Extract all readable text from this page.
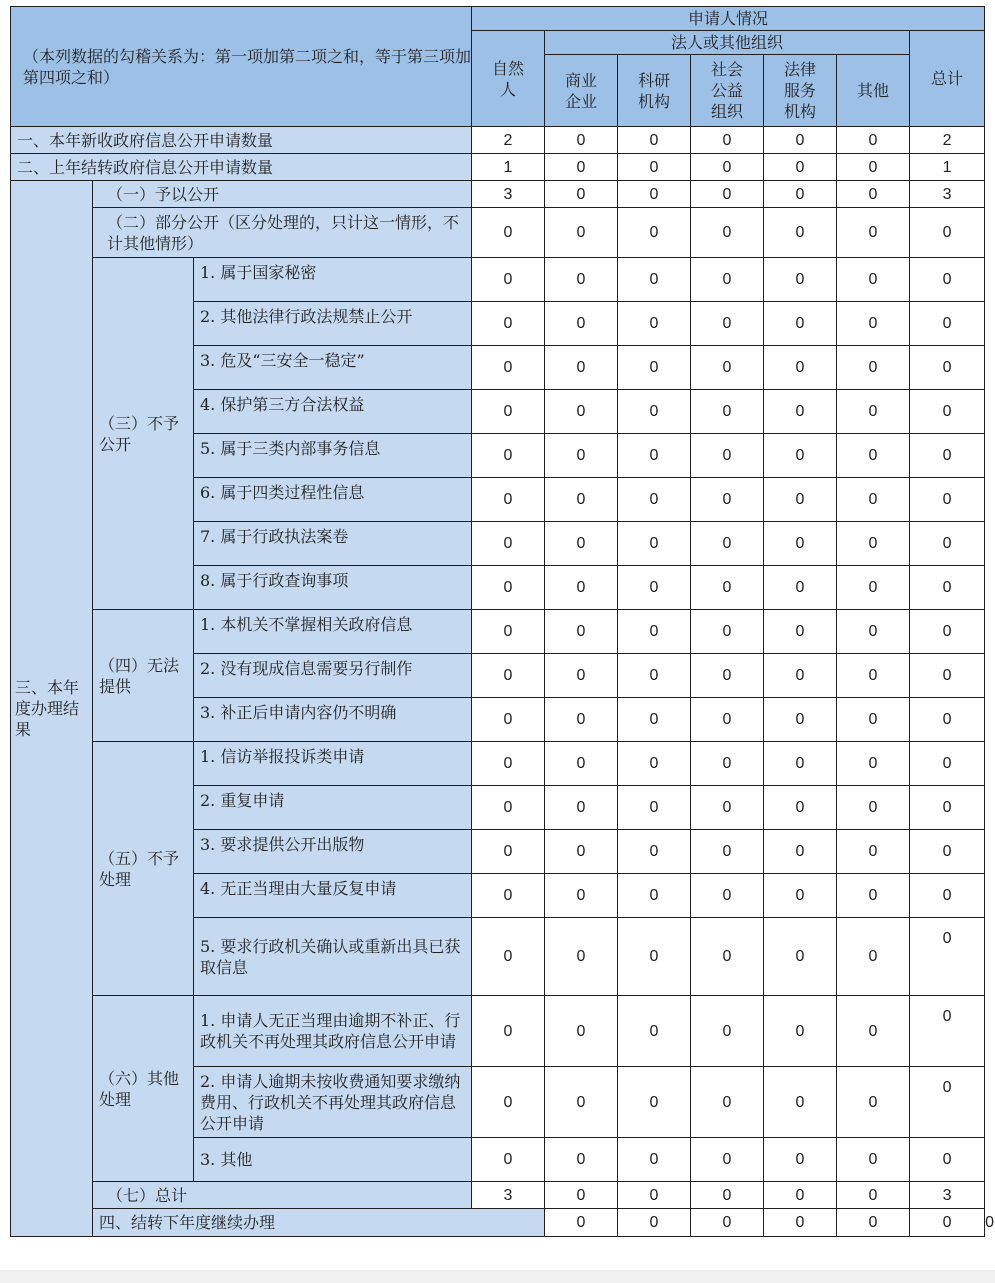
（本列数据的勾稽关系为：第一项加第二项之和，等于第三项加第四项之和）			申请人情况							
			自然人	法人或其他组织					总计	
				商业企业	科研机构	社会公益组织	法律服务机构	其他		
一、本年新收政府信息公开申请数量			2	0	0	0	0	0	2	
二、上年结转政府信息公开申请数量			1	0	0	0	0	0	1	
三、本年度办理结果	（一）予以公开		3	0	0	0	0	0	3	
	（二）部分公开（区分处理的，只计这一情形，不计其他情形）		0	0	0	0	0	0	0	
	（三）不予公开	1. 属于国家秘密	0	0	0	0	0	0	0	
		2. 其他法律行政法规禁止公开	0	0	0	0	0	0	0	
		3. 危及“三安全一稳定”	0	0	0	0	0	0	0	
		4. 保护第三方合法权益	0	0	0	0	0	0	0	
		5. 属于三类内部事务信息	0	0	0	0	0	0	0	
		6. 属于四类过程性信息	0	0	0	0	0	0	0	
		7. 属于行政执法案卷	0	0	0	0	0	0	0	
		8. 属于行政查询事项	0	0	0	0	0	0	0	
	（四）无法提供	1. 本机关不掌握相关政府信息	0	0	0	0	0	0	0	
		2. 没有现成信息需要另行制作	0	0	0	0	0	0	0	
		3. 补正后申请内容仍不明确	0	0	0	0	0	0	0	
	（五）不予处理	1. 信访举报投诉类申请	0	0	0	0	0	0	0	
		2. 重复申请	0	0	0	0	0	0	0	
		3. 要求提供公开出版物	0	0	0	0	0	0	0	
		4. 无正当理由大量反复申请	0	0	0	0	0	0	0	
		5. 要求行政机关确认或重新出具已获取信息	0	0	0	0	0	0	0	
	（六）其他处理	1. 申请人无正当理由逾期不补正、行政机关不再处理其政府信息公开申请	0	0	0	0	0	0	0	
		2. 申请人逾期未按收费通知要求缴纳费用、行政机关不再处理其政府信息公开申请	0	0	0	0	0	0	0	
		3. 其他	0	0	0	0	0	0	0	
	（七）总计		3	0	0	0	0	0	3	
	四、结转下年度继续办理			0	0	0	0	0	0	0
